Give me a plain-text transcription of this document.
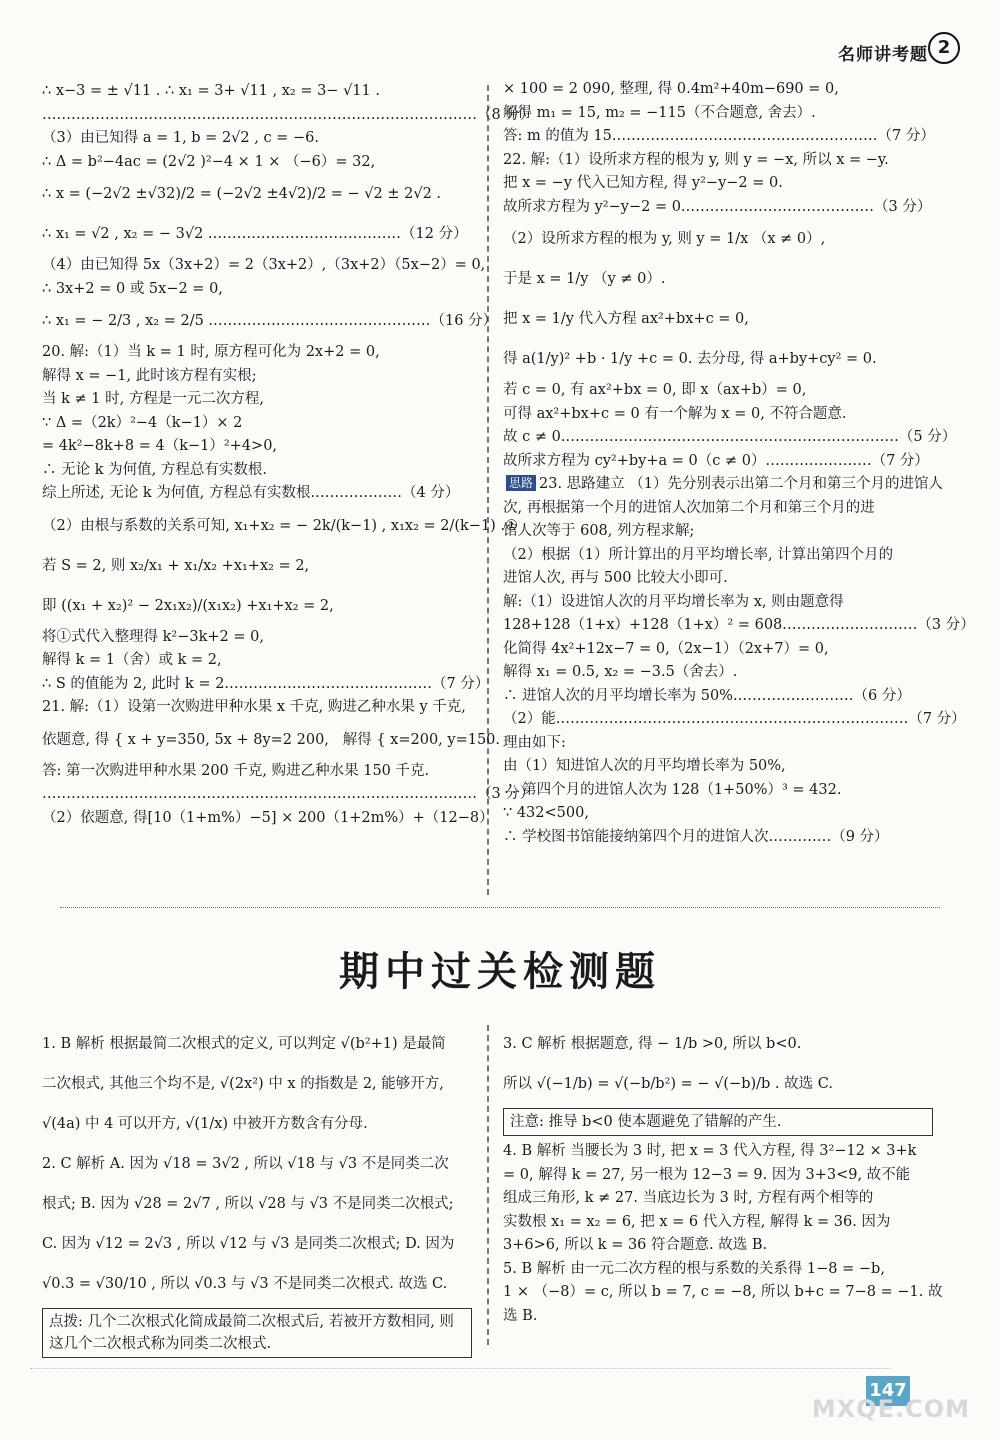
名师讲考题 2
∴ x−3 = ± √11 . ∴ x₁ = 3+ √11 , x₂ = 3− √11 .
………………………………………………………………………………（8 分）
（3）由已知得 a = 1, b = 2√2 , c = −6.
∴ Δ = b²−4ac = (2√2 )²−4 × 1 × （−6）= 32,
∴ x = (−2√2 ±√32)/2 = (−2√2 ±4√2)/2 = − √2 ± 2√2 .
∴ x₁ = √2 , x₂ = − 3√2 .…………………………………（12 分）
（4）由已知得 5x（3x+2）= 2（3x+2）,（3x+2）（5x−2）= 0,
∴ 3x+2 = 0 或 5x−2 = 0,
∴ x₁ = − 2/3 , x₂ = 2/5 .………………………………………（16 分）
20. 解:（1）当 k = 1 时, 原方程可化为 2x+2 = 0,
解得 x = −1, 此时该方程有实根;
当 k ≠ 1 时, 方程是一元二次方程,
∵ Δ =（2k）²−4（k−1）× 2
= 4k²−8k+8 = 4（k−1）²+4>0,
∴ 无论 k 为何值, 方程总有实数根.
综上所述, 无论 k 为何值, 方程总有实数根.………………（4 分）
（2）由根与系数的关系可知, x₁+x₂ = − 2k/(k−1) , x₁x₂ = 2/(k−1) .①
若 S = 2, 则 x₂/x₁ + x₁/x₂ +x₁+x₂ = 2,
即 ((x₁ + x₂)² − 2x₁x₂)/(x₁x₂) +x₁+x₂ = 2,
将①式代入整理得 k²−3k+2 = 0,
解得 k = 1（舍）或 k = 2,
∴ S 的值能为 2, 此时 k = 2.……………………………………（7 分）
21. 解:（1）设第一次购进甲种水果 x 千克, 购进乙种水果 y 千克,
依题意, 得 { x + y=350, 5x + 8y=2 200,   解得 { x=200, y=150.
答: 第一次购进甲种水果 200 千克, 购进乙种水果 150 千克.
………………………………………………………………………………（3 分）
（2）依题意, 得[10（1+m%）−5] × 200（1+2m%）+（12−8）
× 100 = 2 090, 整理, 得 0.4m²+40m−690 = 0,
解得 m₁ = 15, m₂ = −115（不合题意, 舍去）.
答: m 的值为 15.………………………………………………（7 分）
22. 解:（1）设所求方程的根为 y, 则 y = −x, 所以 x = −y.
把 x = −y 代入已知方程, 得 y²−y−2 = 0.
故所求方程为 y²−y−2 = 0.…………………………………（3 分）
（2）设所求方程的根为 y, 则 y = 1/x （x ≠ 0）,
于是 x = 1/y （y ≠ 0）.
把 x = 1/y 代入方程 ax²+bx+c = 0,
得 a(1/y)² +b · 1/y +c = 0. 去分母, 得 a+by+cy² = 0.
若 c = 0, 有 ax²+bx = 0, 即 x（ax+b）= 0,
可得 ax²+bx+c = 0 有一个解为 x = 0, 不符合题意.
故 c ≠ 0.……………………………………………………………（5 分）
故所求方程为 cy²+by+a = 0（c ≠ 0）.…………………（7 分）
思路 23. 思路建立 （1）先分别表示出第二个月和第三个月的进馆人
次, 再根据第一个月的进馆人次加第二个月和第三个月的进
馆人次等于 608, 列方程求解;
（2）根据（1）所计算出的月平均增长率, 计算出第四个月的
进馆人次, 再与 500 比较大小即可.
解:（1）设进馆人次的月平均增长率为 x, 则由题意得
128+128（1+x）+128（1+x）² = 608.………………………（3 分）
化简得 4x²+12x−7 = 0,（2x−1）（2x+7）= 0,
解得 x₁ = 0.5, x₂ = −3.5（舍去）.
∴ 进馆人次的月平均增长率为 50%.……………………（6 分）
（2）能.………………………………………………………………（7 分）
理由如下:
由（1）知进馆人次的月平均增长率为 50%,
∴ 第四个月的进馆人次为 128（1+50%）³ = 432.
∵ 432<500,
∴ 学校图书馆能接纳第四个月的进馆人次.…………（9 分）
期中过关检测题
1. B 解析 根据最简二次根式的定义, 可以判定 √(b²+1) 是最简
二次根式, 其他三个均不是, √(2x²) 中 x 的指数是 2, 能够开方,
√(4a) 中 4 可以开方, √(1/x) 中被开方数含有分母.
2. C 解析 A. 因为 √18 = 3√2 , 所以 √18 与 √3 不是同类二次
根式; B. 因为 √28 = 2√7 , 所以 √28 与 √3 不是同类二次根式;
C. 因为 √12 = 2√3 , 所以 √12 与 √3 是同类二次根式; D. 因为
√0.3 = √30/10 , 所以 √0.3 与 √3 不是同类二次根式. 故选 C.
点拨: 几个二次根式化简成最简二次根式后, 若被开方数相同, 则这几个二次根式称为同类二次根式.
3. C 解析 根据题意, 得 − 1/b >0, 所以 b<0.
所以 √(−1/b) = √(−b/b²) = − √(−b)/b . 故选 C.
注意: 推导 b<0 使本题避免了错解的产生.
4. B 解析 当腰长为 3 时, 把 x = 3 代入方程, 得 3²−12 × 3+k
= 0, 解得 k = 27, 另一根为 12−3 = 9. 因为 3+3<9, 故不能
组成三角形, k ≠ 27. 当底边长为 3 时, 方程有两个相等的
实数根 x₁ = x₂ = 6, 把 x = 6 代入方程, 解得 k = 36. 因为
3+6>6, 所以 k = 36 符合题意. 故选 B.
5. B 解析 由一元二次方程的根与系数的关系得 1−8 = −b,
1 × （−8）= c, 所以 b = 7, c = −8, 所以 b+c = 7−8 = −1. 故
选 B.
147
MXQE.COM
